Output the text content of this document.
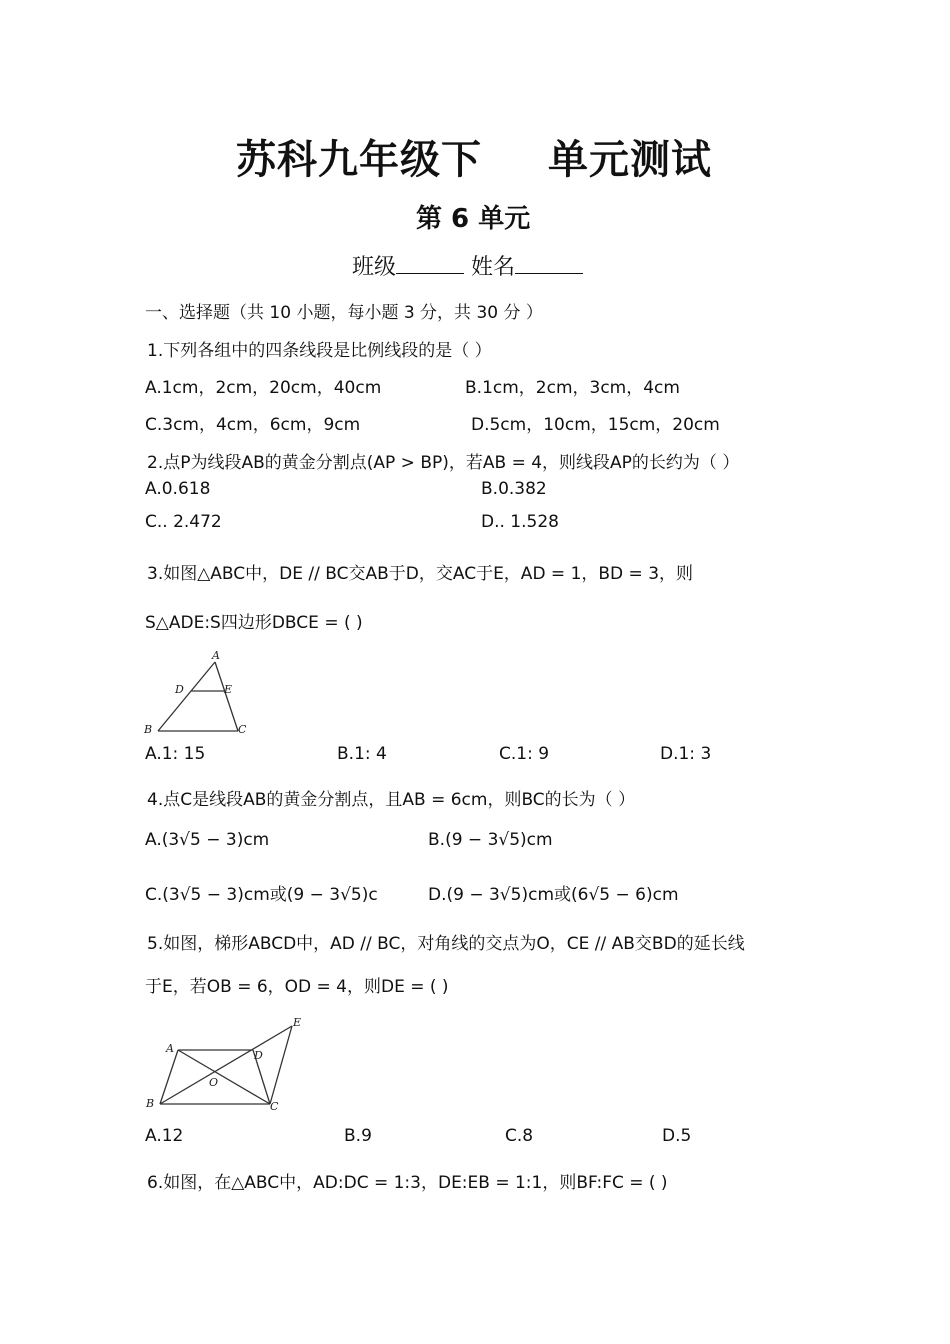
苏科九年级下 单元测试
第 6 单元
班级	姓名
一、选择题（共 10 小题，每小题 3 分，共 30 分 ）
1.下列各组中的四条线段是比例线段的是（ ）
A.1cm，2cm，20cm，40cm	B.1cm，2cm，3cm，4cm
C.3cm，4cm，6cm，9cm	D.5cm，10cm，15cm，20cm
2.点P为线段AB的黄金分割点(AP > BP)，若AB = 4，则线段AP的长约为（ ）
A.0.618	B.0.382
C.. 2.472	D.. 1.528
3.如图△ABC中，DE // BC交AB于D，交AC于E，AD = 1，BD = 3，则
S△ADE:S四边形DBCE = ( )
A
D	E
B	C
A.1: 15	B.1: 4	C.1: 9	D.1: 3
4.点C是线段AB的黄金分割点，且AB = 6cm，则BC的长为（ ）
A.(3√5 − 3)cm	B.(9 − 3√5)cm
C.(3√5 − 3)cm或(9 − 3√5)c	D.(9 − 3√5)cm或(6√5 − 6)cm
5.如图，梯形ABCD中，AD // BC，对角线的交点为O，CE // AB交BD的延长线
于E，若OB = 6，OD = 4，则DE = ( )
A
D
E
O
B	C
A.12	B.9	C.8	D.5
6.如图，在△ABC中，AD:DC = 1:3，DE:EB = 1:1，则BF:FC = ( )
